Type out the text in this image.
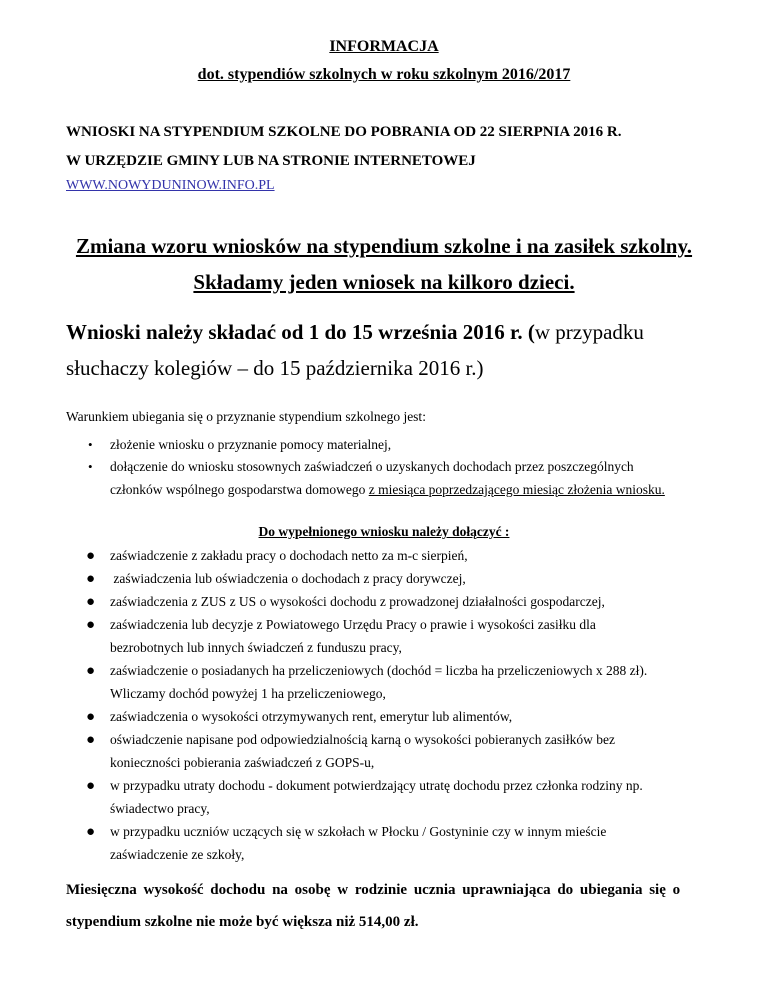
INFORMACJA
dot. stypendiów szkolnych w roku szkolnym 2016/2017
WNIOSKI NA STYPENDIUM SZKOLNE DO POBRANIA OD 22 SIERPNIA 2016 R.
W URZĘDZIE GMINY LUB NA STRONIE INTERNETOWEJ
WWW.NOWYDUNINOW.INFO.PL
Zmiana wzoru wniosków na stypendium szkolne i na zasiłek szkolny.
Składamy jeden wniosek na kilkoro dzieci.
Wnioski należy składać od 1 do 15 września 2016 r. (w przypadku
słuchaczy kolegiów – do 15 października 2016 r.)
Warunkiem ubiegania się o przyznanie stypendium szkolnego jest:
• złożenie wniosku o przyznanie pomocy materialnej,
• dołączenie do wniosku stosownych zaświadczeń o uzyskanych dochodach przez poszczególnych
członków wspólnego gospodarstwa domowego z miesiąca poprzedzającego miesiąc złożenia wniosku.
Do wypełnionego wniosku należy dołączyć :
● zaświadczenie z zakładu pracy o dochodach netto za m-c sierpień,
● zaświadczenia lub oświadczenia o dochodach z pracy dorywczej,
● zaświadczenia z ZUS z US o wysokości dochodu z prowadzonej działalności gospodarczej,
● zaświadczenia lub decyzje z Powiatowego Urzędu Pracy o prawie i wysokości zasiłku dla
bezrobotnych lub innych świadczeń z funduszu pracy,
● zaświadczenie o posiadanych ha przeliczeniowych (dochód = liczba ha przeliczeniowych x 288 zł).
Wliczamy dochód powyżej 1 ha przeliczeniowego,
● zaświadczenia o wysokości otrzymywanych rent, emerytur lub alimentów,
● oświadczenie napisane pod odpowiedzialnością karną o wysokości pobieranych zasiłków bez
konieczności pobierania zaświadczeń z GOPS-u,
● w przypadku utraty dochodu - dokument potwierdzający utratę dochodu przez członka rodziny np.
świadectwo pracy,
● w przypadku uczniów uczących się w szkołach w Płocku / Gostyninie czy w innym mieście
zaświadczenie ze szkoły,
Miesięczna wysokość dochodu na osobę w rodzinie ucznia uprawniająca do ubiegania się o
stypendium szkolne nie może być większa niż 514,00 zł.
